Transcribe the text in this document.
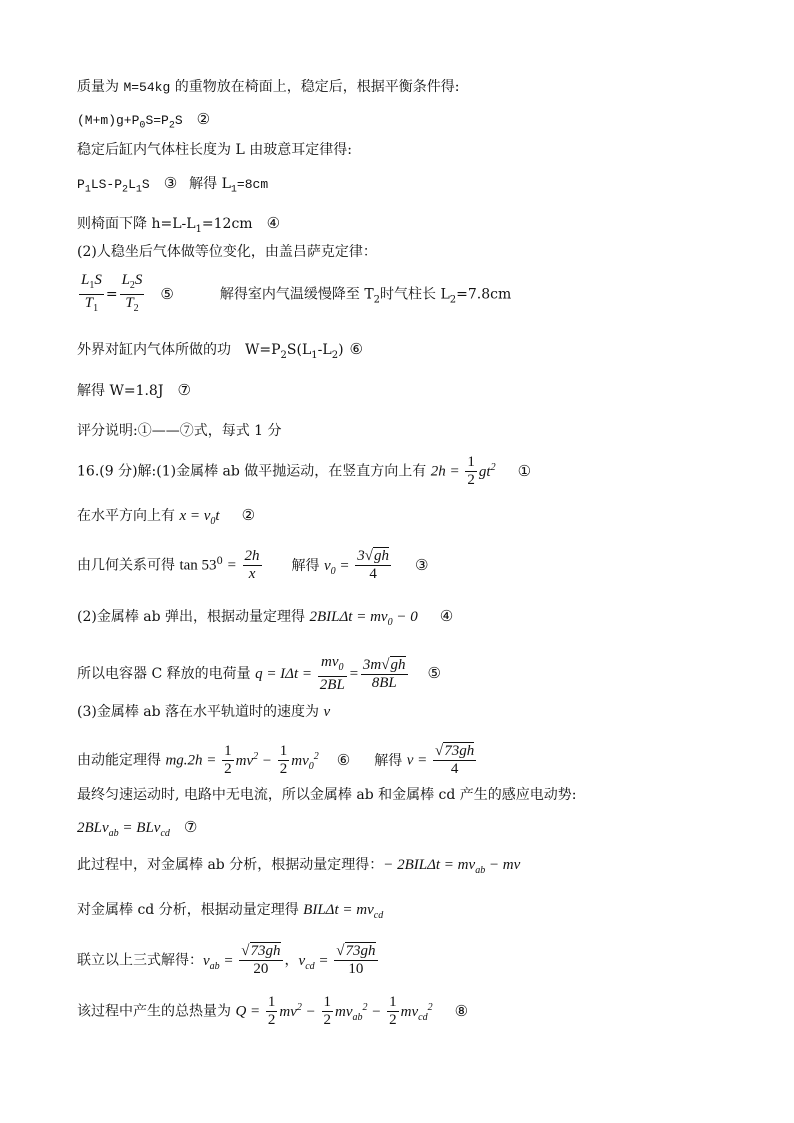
质量为 M=54kg 的重物放在椅面上，稳定后，根据平衡条件得:
$(M+m)g+P_0S=P_2S$ ②
稳定后缸内气体柱长度为 L 由玻意耳定律得:
$P_1LS-P_2L_1S$ ③ 解得 $L_1=8cm$
则椅面下降 $h=L-L_1=12cm$ ④
(2)人稳坐后气体做等位变化，由盖吕萨克定律：
$\frac{L_1S}{T_1} = \frac{L_2S}{T_2}$ ⑤	解得室内气温缓慢降至 $T_2$时气柱长 $L_2=7.8cm$
外界对缸内气体所做的功　$W=P_2S(L_1-L_2)$ ⑥
解得 W=1.8J ⑦
评分说明:①——⑦式，每式 1 分
16.(9 分)解:(1)金属棒 ab 做平抛运动，在竖直方向上有 $2h = \frac{1}{2} gt^2$ ①
在水平方向上有 $x = v_0t$ ②
由几何关系可得 $\tan 53^0 = \frac{2h}{x}$ 解得 $v_0 = \frac{3√gh}{4}$ ③
(2)金属棒 ab 弹出，根据动量定理得 $2BIL\Delta t = mv_0 - 0$ ④
所以电容器 C 释放的电荷量 $q = I\Delta t = \frac{mv_0}{2BL} = \frac{3m√gh}{8BL}$ ⑤
(3)金属棒 ab 落在水平轨道时的速度为 v
由动能定理得 $mg.2h = \frac{1}{2} mv^2 - \frac{1}{2} mv_0^2$ ⑥ 解得 $v = \frac{√73gh}{4}$
最终匀速运动时, 电路中无电流，所以金属棒 ab 和金属棒 cd 产生的感应电动势:
2BLv$_{ab}$ = BLv$_{cd}$ ⑦
此过程中，对金属棒 ab 分析，根据动量定理得：− $2BIL\Delta t = mv_{ab}$ − mv
对金属棒 cd 分析，根据动量定理得 $BIL\Delta t = mv_{cd}$
联立以上三式解得：$v_{ab} = \frac{√73gh}{20}$ ，$v_{cd} = \frac{√73gh}{10}$
该过程中产生的总热量为 $Q = \frac{1}{2} mv^2 - \frac{1}{2} mv_{ab}^2 - \frac{1}{2} mv_{cd}^2$ ⑧
